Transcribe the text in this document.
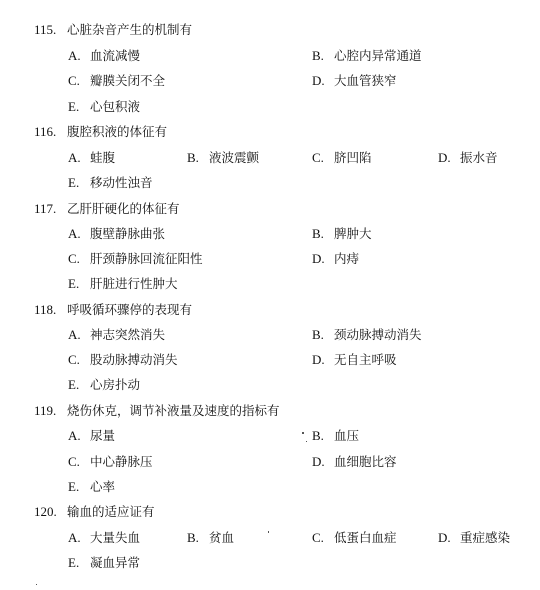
115. 心脏杂音产生的机制有
A. 血流减慢	B. 心腔内异常通道
C. 瓣膜关闭不全	D. 大血管狭窄
E. 心包积液
116. 腹腔积液的体征有
A. 蛙腹	B. 液波震颤	C. 脐凹陷	D. 振水音
E. 移动性浊音
117. 乙肝肝硬化的体征有
A. 腹壁静脉曲张	B. 脾肿大
C. 肝颈静脉回流征阳性	D. 内痔
E. 肝脏进行性肿大
118. 呼吸循环骤停的表现有
A. 神志突然消失	B. 颈动脉搏动消失
C. 股动脉搏动消失	D. 无自主呼吸
E. 心房扑动
119. 烧伤休克，调节补液量及速度的指标有
A. 尿量	B. 血压
C. 中心静脉压	D. 血细胞比容
E. 心率
120. 输血的适应证有
A. 大量失血	B. 贫血	C. 低蛋白血症	D. 重症感染
E. 凝血异常
